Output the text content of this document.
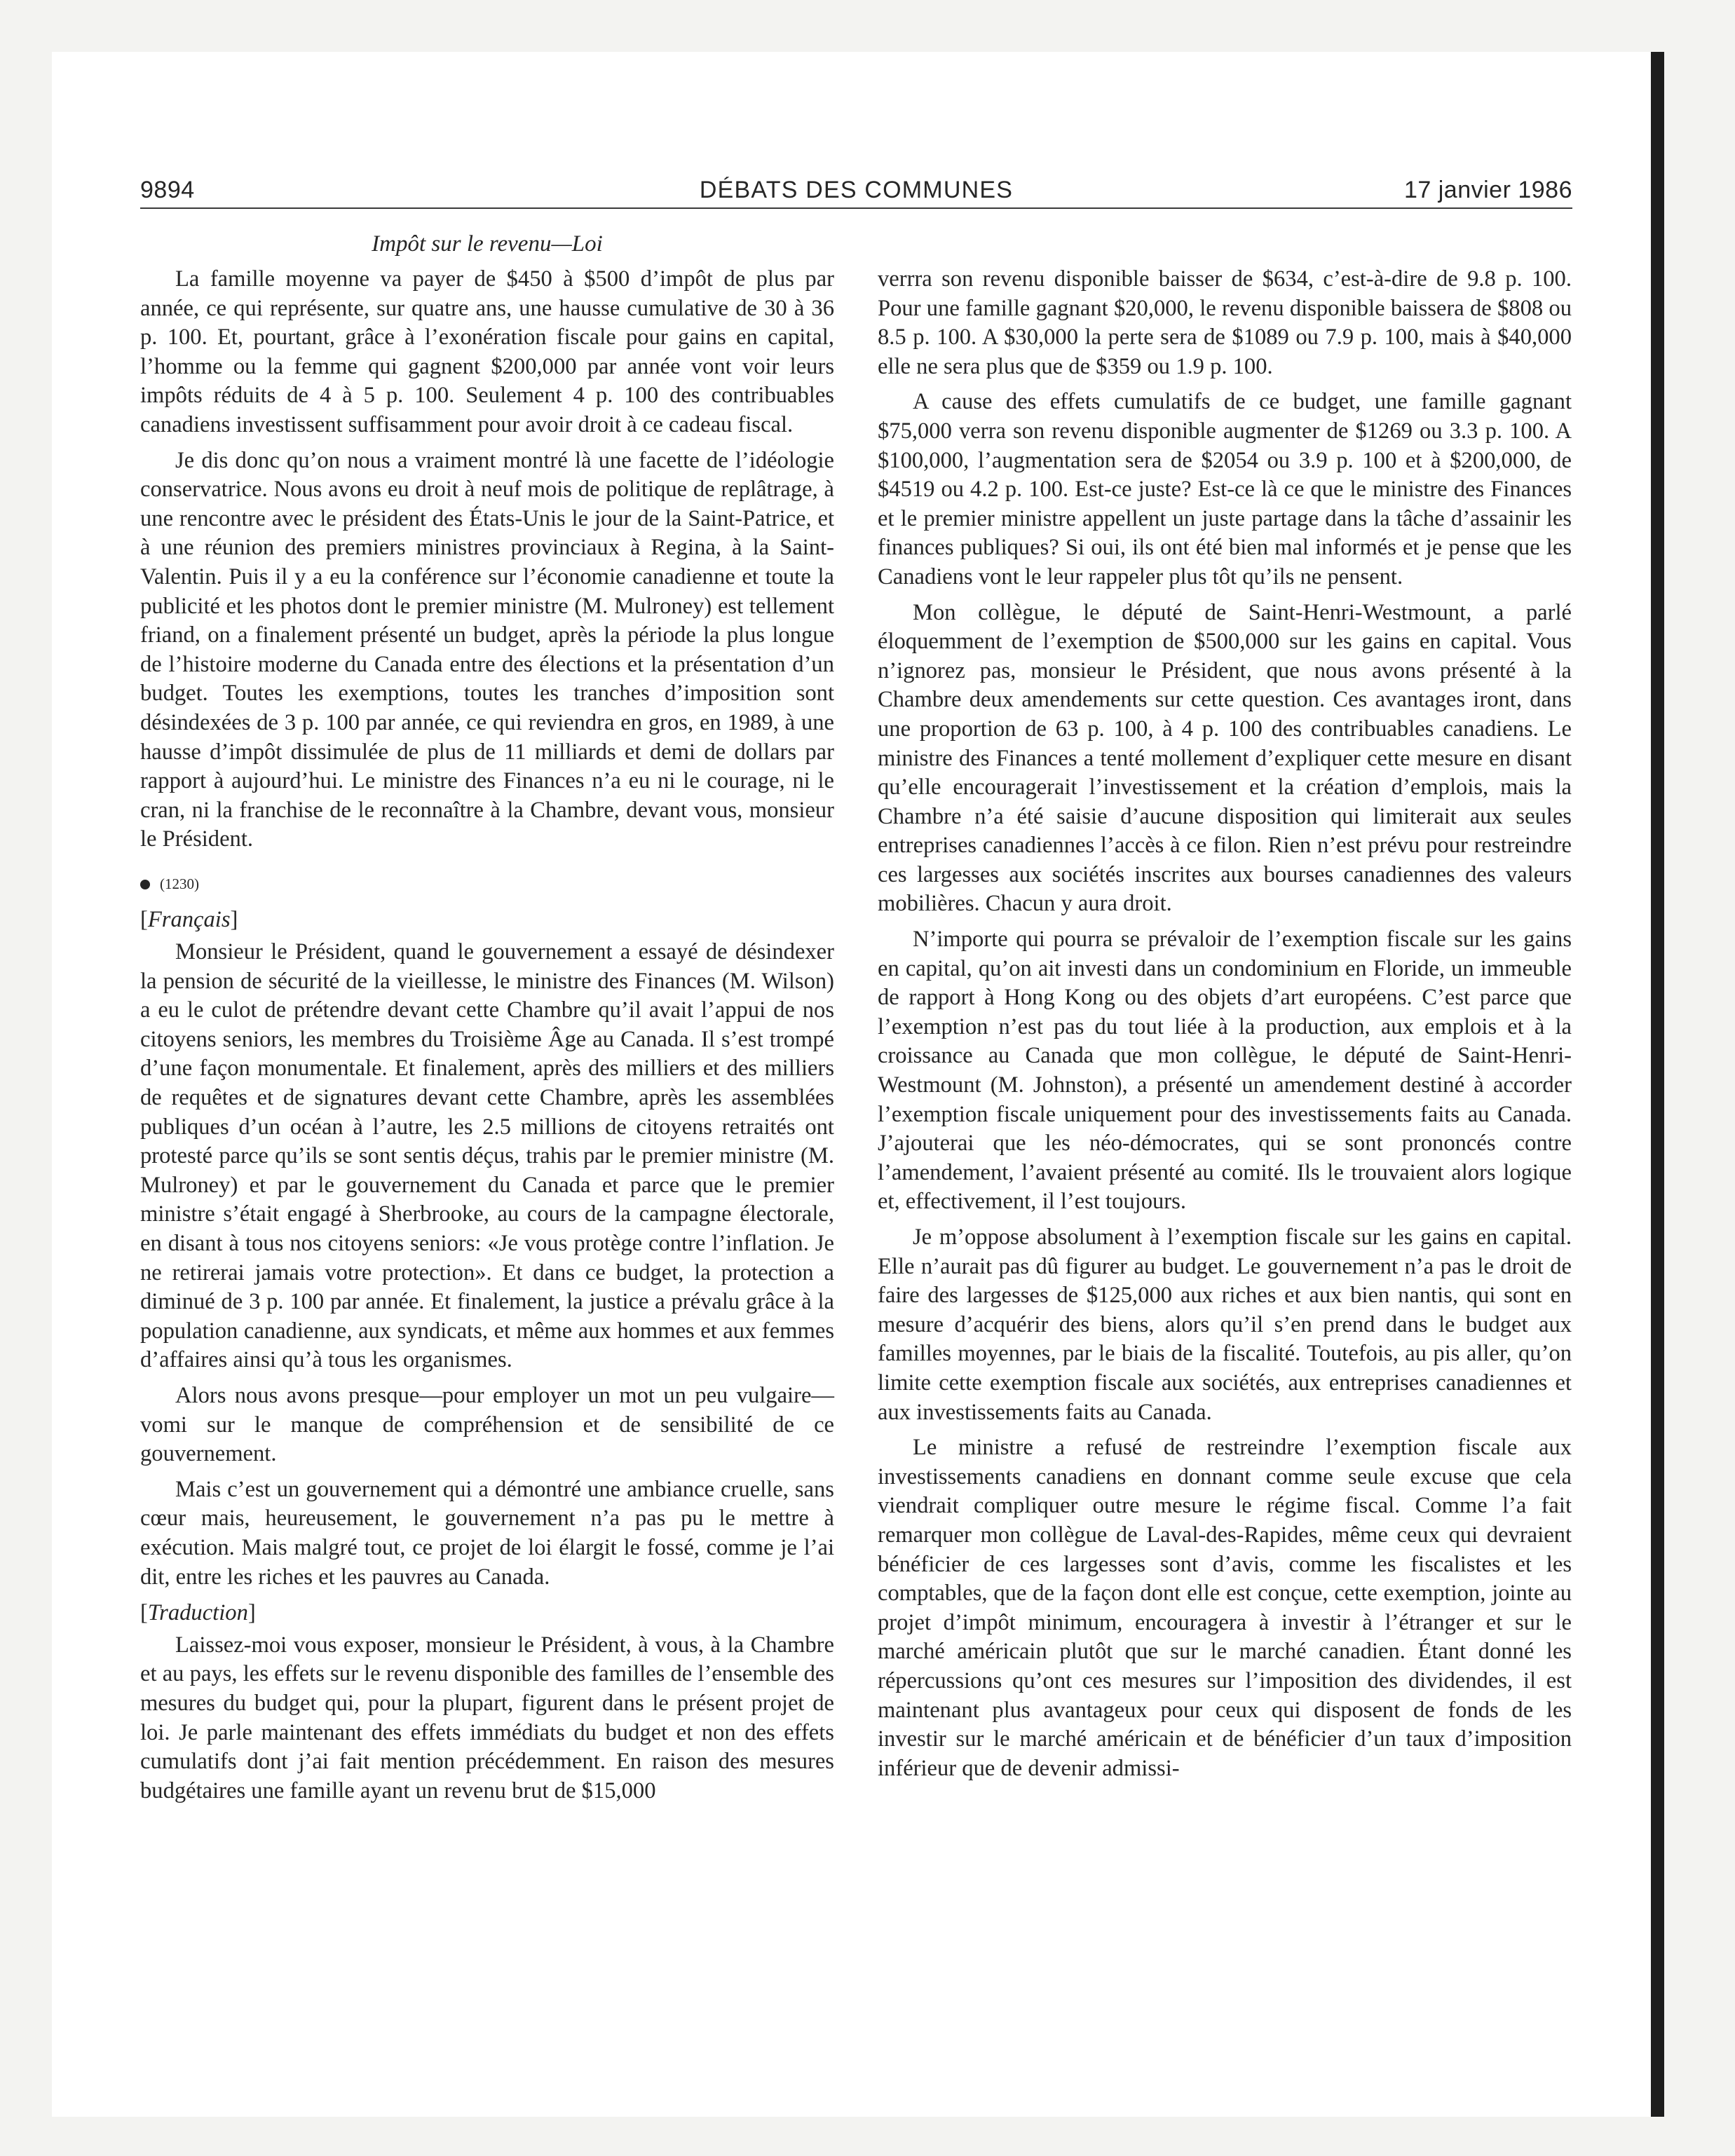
9894	DÉBATS DES COMMUNES	17 janvier 1986
Impôt sur le revenu—Loi

La famille moyenne va payer de $450 à $500 d’impôt de plus par année, ce qui représente, sur quatre ans, une hausse cumulative de 30 à 36 p. 100. Et, pourtant, grâce à l’exonération fiscale pour gains en capital, l’homme ou la femme qui gagnent $200,000 par année vont voir leurs impôts réduits de 4 à 5 p. 100. Seulement 4 p. 100 des contribuables canadiens investissent suffisamment pour avoir droit à ce cadeau fiscal.

Je dis donc qu’on nous a vraiment montré là une facette de l’idéologie conservatrice. Nous avons eu droit à neuf mois de politique de replâtrage, à une rencontre avec le président des États-Unis le jour de la Saint-Patrice, et à une réunion des premiers ministres provinciaux à Regina, à la Saint-Valentin. Puis il y a eu la conférence sur l’économie canadienne et toute la publicité et les photos dont le premier ministre (M. Mulroney) est tellement friand, on a finalement présenté un budget, après la période la plus longue de l’histoire moderne du Canada entre des élections et la présentation d’un budget. Toutes les exemptions, toutes les tranches d’imposition sont désindexées de 3 p. 100 par année, ce qui reviendra en gros, en 1989, à une hausse d’impôt dissimulée de plus de 11 milliards et demi de dollars par rapport à aujourd’hui. Le ministre des Finances n’a eu ni le courage, ni le cran, ni la franchise de le reconnaître à la Chambre, devant vous, monsieur le Président.

(1230)
[Français]

Monsieur le Président, quand le gouvernement a essayé de désindexer la pension de sécurité de la vieillesse, le ministre des Finances (M. Wilson) a eu le culot de prétendre devant cette Chambre qu’il avait l’appui de nos citoyens seniors, les membres du Troisième Âge au Canada. Il s’est trompé d’une façon monumentale. Et finalement, après des milliers et des milliers de requêtes et de signatures devant cette Chambre, après les assemblées publiques d’un océan à l’autre, les 2.5 millions de citoyens retraités ont protesté parce qu’ils se sont sentis déçus, trahis par le premier ministre (M. Mulroney) et par le gouvernement du Canada et parce que le premier ministre s’était engagé à Sherbrooke, au cours de la campagne électorale, en disant à tous nos citoyens seniors: «Je vous protège contre l’inflation. Je ne retirerai jamais votre protection». Et dans ce budget, la protection a diminué de 3 p. 100 par année. Et finalement, la justice a prévalu grâce à la population canadienne, aux syndicats, et même aux hommes et aux femmes d’affaires ainsi qu’à tous les organismes.

Alors nous avons presque—pour employer un mot un peu vulgaire—vomi sur le manque de compréhension et de sensibilité de ce gouvernement.

Mais c’est un gouvernement qui a démontré une ambiance cruelle, sans cœur mais, heureusement, le gouvernement n’a pas pu le mettre à exécution. Mais malgré tout, ce projet de loi élargit le fossé, comme je l’ai dit, entre les riches et les pauvres au Canada.

[Traduction]

Laissez-moi vous exposer, monsieur le Président, à vous, à la Chambre et au pays, les effets sur le revenu disponible des familles de l’ensemble des mesures du budget qui, pour la plupart, figurent dans le présent projet de loi. Je parle maintenant des effets immédiats du budget et non des effets cumulatifs dont j’ai fait mention précédemment. En raison des mesures budgétaires une famille ayant un revenu brut de $15,000

verrra son revenu disponible baisser de $634, c’est-à-dire de 9.8 p. 100. Pour une famille gagnant $20,000, le revenu disponible baissera de $808 ou 8.5 p. 100. A $30,000 la perte sera de $1089 ou 7.9 p. 100, mais à $40,000 elle ne sera plus que de $359 ou 1.9 p. 100.

A cause des effets cumulatifs de ce budget, une famille gagnant $75,000 verra son revenu disponible augmenter de $1269 ou 3.3 p. 100. A $100,000, l’augmentation sera de $2054 ou 3.9 p. 100 et à $200,000, de $4519 ou 4.2 p. 100. Est-ce juste? Est-ce là ce que le ministre des Finances et le premier ministre appellent un juste partage dans la tâche d’assainir les finances publiques? Si oui, ils ont été bien mal informés et je pense que les Canadiens vont le leur rappeler plus tôt qu’ils ne pensent.

Mon collègue, le député de Saint-Henri-Westmount, a parlé éloquemment de l’exemption de $500,000 sur les gains en capital. Vous n’ignorez pas, monsieur le Président, que nous avons présenté à la Chambre deux amendements sur cette question. Ces avantages iront, dans une proportion de 63 p. 100, à 4 p. 100 des contribuables canadiens. Le ministre des Finances a tenté mollement d’expliquer cette mesure en disant qu’elle encouragerait l’investissement et la création d’emplois, mais la Chambre n’a été saisie d’aucune disposition qui limiterait aux seules entreprises canadiennes l’accès à ce filon. Rien n’est prévu pour restreindre ces largesses aux sociétés inscrites aux bourses canadiennes des valeurs mobilières. Chacun y aura droit.

N’importe qui pourra se prévaloir de l’exemption fiscale sur les gains en capital, qu’on ait investi dans un condominium en Floride, un immeuble de rapport à Hong Kong ou des objets d’art européens. C’est parce que l’exemption n’est pas du tout liée à la production, aux emplois et à la croissance au Canada que mon collègue, le député de Saint-Henri-Westmount (M. Johnston), a présenté un amendement destiné à accorder l’exemption fiscale uniquement pour des investissements faits au Canada. J’ajouterai que les néo-démocrates, qui se sont prononcés contre l’amendement, l’avaient présenté au comité. Ils le trouvaient alors logique et, effectivement, il l’est toujours.

Je m’oppose absolument à l’exemption fiscale sur les gains en capital. Elle n’aurait pas dû figurer au budget. Le gouvernement n’a pas le droit de faire des largesses de $125,000 aux riches et aux bien nantis, qui sont en mesure d’acquérir des biens, alors qu’il s’en prend dans le budget aux familles moyennes, par le biais de la fiscalité. Toutefois, au pis aller, qu’on limite cette exemption fiscale aux sociétés, aux entreprises canadiennes et aux investissements faits au Canada.

Le ministre a refusé de restreindre l’exemption fiscale aux investissements canadiens en donnant comme seule excuse que cela viendrait compliquer outre mesure le régime fiscal. Comme l’a fait remarquer mon collègue de Laval-des-Rapides, même ceux qui devraient bénéficier de ces largesses sont d’avis, comme les fiscalistes et les comptables, que de la façon dont elle est conçue, cette exemption, jointe au projet d’impôt minimum, encouragera à investir à l’étranger et sur le marché américain plutôt que sur le marché canadien. Étant donné les répercussions qu’ont ces mesures sur l’imposition des dividendes, il est maintenant plus avantageux pour ceux qui disposent de fonds de les investir sur le marché américain et de bénéficier d’un taux d’imposition inférieur que de devenir admissi-
